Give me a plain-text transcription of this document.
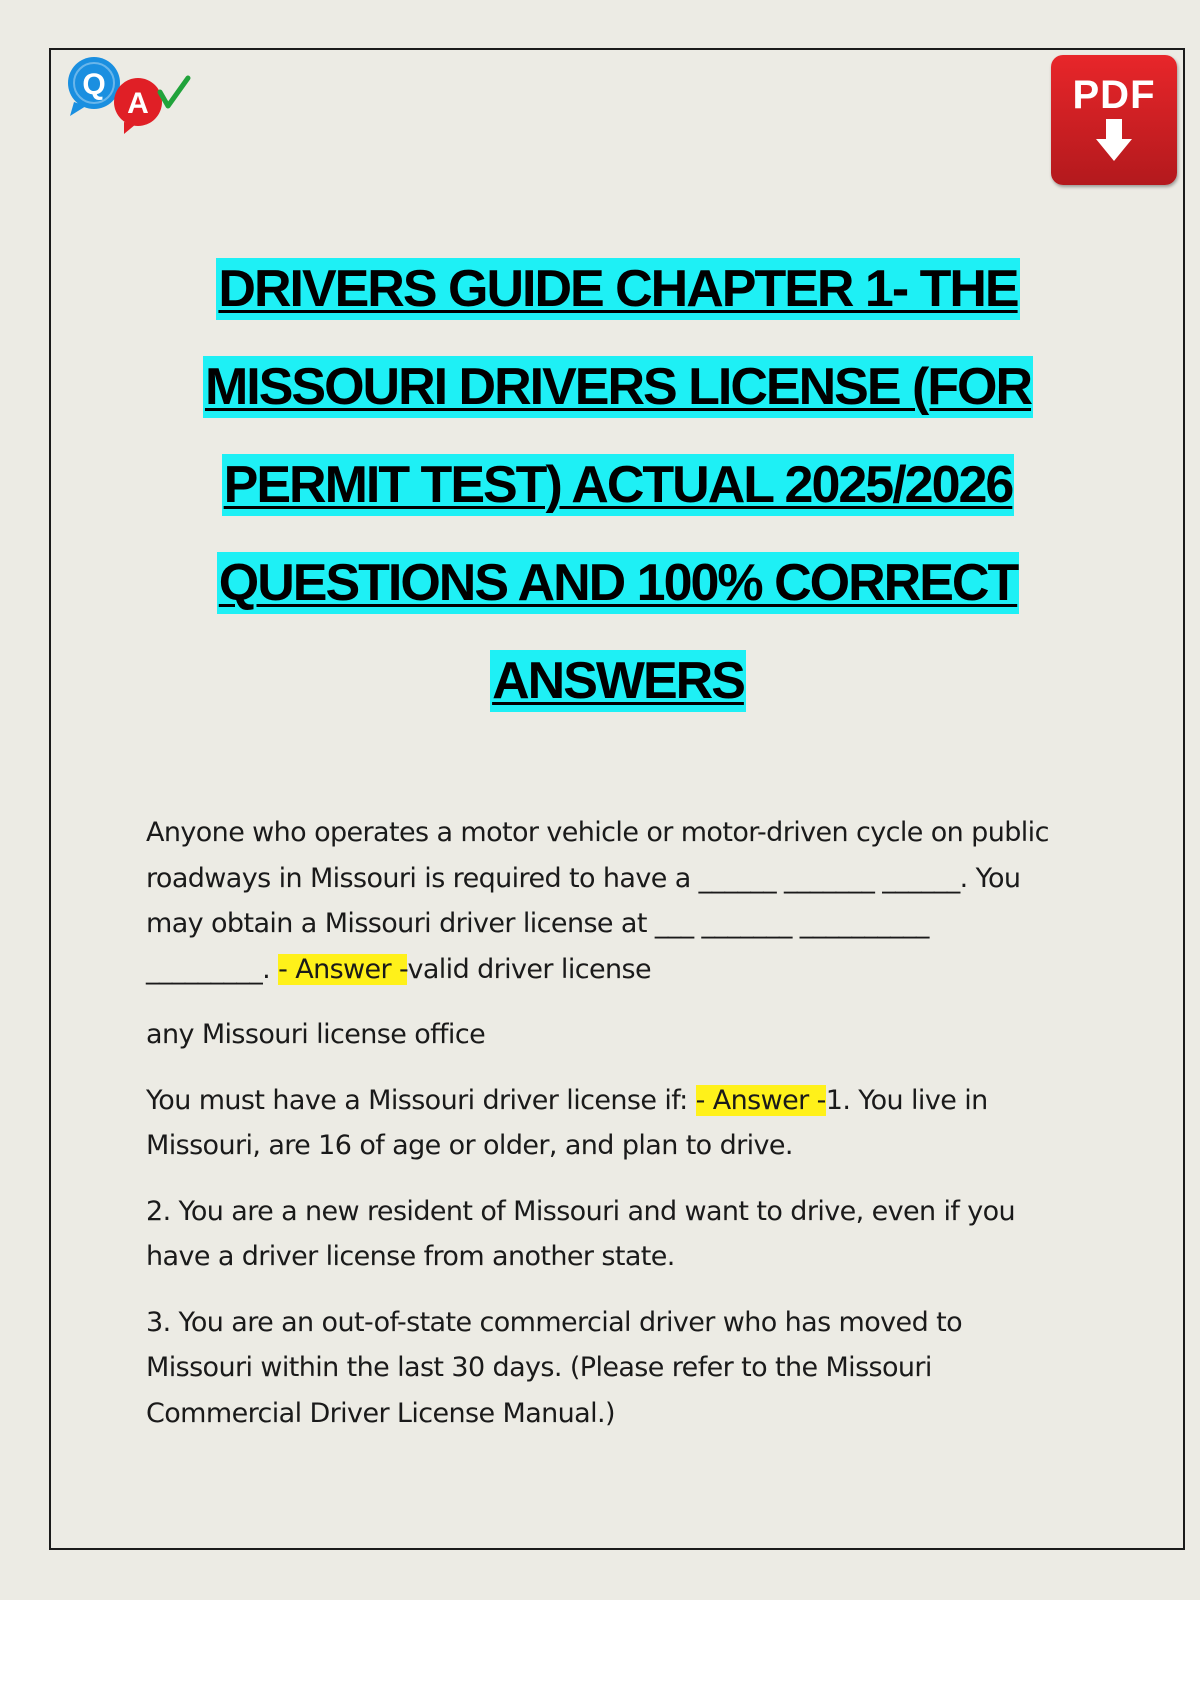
Q
A	PDF
DRIVERS GUIDE CHAPTER 1- THE
MISSOURI DRIVERS LICENSE (FOR
PERMIT TEST) ACTUAL 2025/2026
QUESTIONS AND 100% CORRECT
ANSWERS

Anyone who operates a motor vehicle or motor-driven cycle on public
roadways in Missouri is required to have a ______ _______ ______. You
may obtain a Missouri driver license at ___ _______ __________
_________. - Answer -valid driver license

any Missouri license office

You must have a Missouri driver license if: - Answer -1. You live in
Missouri, are 16 of age or older, and plan to drive.

2. You are a new resident of Missouri and want to drive, even if you
have a driver license from another state.

3. You are an out-of-state commercial driver who has moved to
Missouri within the last 30 days. (Please refer to the Missouri
Commercial Driver License Manual.)
